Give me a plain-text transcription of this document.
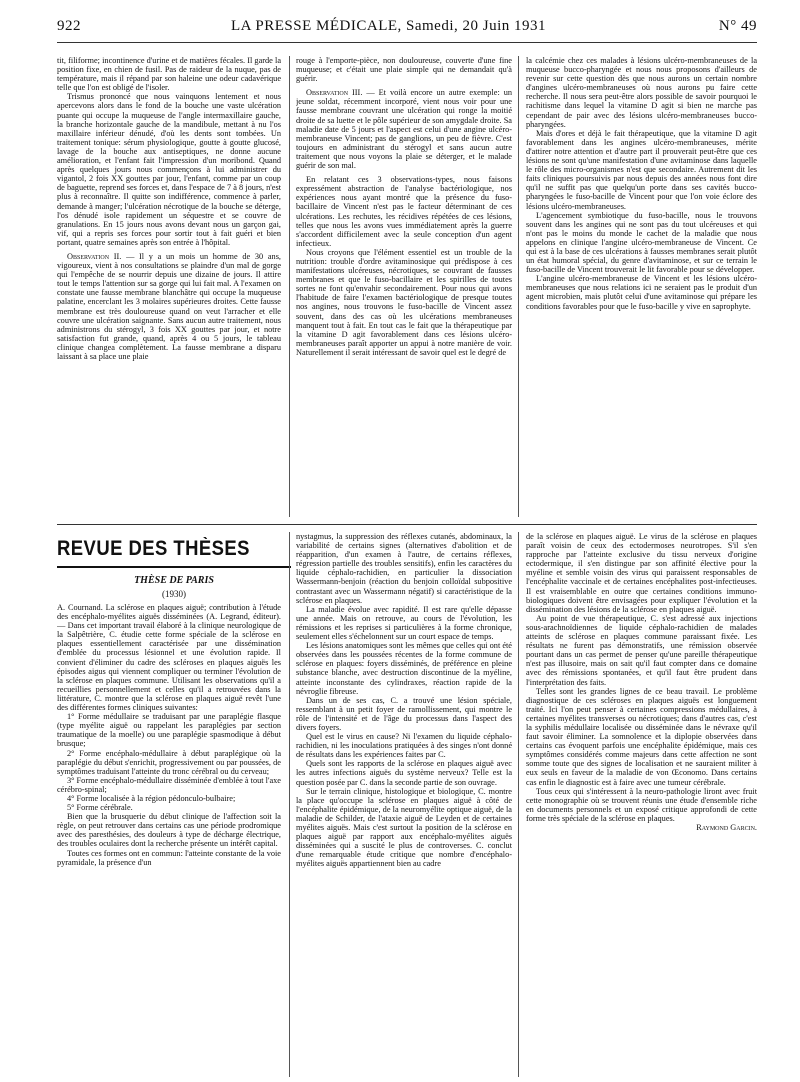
922	LA PRESSE MÉDICALE, Samedi, 20 Juin 1931	N° 49

tit, filiforme; incontinence d'urine et de matières fécales. Il garde la position fixe, en chien de fusil. Pas de raideur de la nuque, pas de température, mais il répand par son haleine une odeur cadavérique telle que l'on est obligé de l'isoler.

Trismus prononcé que nous vainquons lentement et nous apercevons alors dans le fond de la bouche une vaste ulcération puante qui occupe la muqueuse de l'angle intermaxillaire gauche, la branche horizontale gauche de la mandibule, mettant à nu l'os maxillaire inférieur dénudé, d'où les dents sont tombées. Un traitement tonique: sérum physiologique, goutte à goutte glucosé, lavage de la bouche aux antiseptiques, ne donne aucune amélioration, et l'enfant fait l'impression d'un moribond. Quand après quelques jours nous commençons à lui administrer du vigantol, 2 fois XX gouttes par jour, l'enfant, comme par un coup de baguette, reprend ses forces et, dans l'espace de 7 à 8 jours, n'est plus à reconnaître. Il quitte son indifférence, commence à parler, demande à manger; l'ulcération nécrotique de la bouche se déterge, l'os dénudé isole rapidement un séquestre et se couvre de granulations. En 15 jours nous avons devant nous un garçon gai, vif, qui a repris ses forces pour sortir tout à fait guéri et bien portant, quatre semaines après son entrée à l'hôpital.

Observation II. — Il y a un mois un homme de 30 ans, vigoureux, vient à nos consultations se plaindre d'un mal de gorge qui l'empêche de se nourrir depuis une dizaine de jours. Il attire tout le temps l'attention sur sa gorge qui lui fait mal. A l'examen on constate une fausse membrane blanchâtre qui occupe la muqueuse palatine, encerclant les 3 molaires supérieures droites. Cette fausse membrane est très douloureuse quand on veut l'arracher et elle couvre une ulcération saignante. Sans aucun autre traitement, nous administrons du stérogyl, 3 fois XX gouttes par jour, et notre satisfaction fut grande, quand, après 4 ou 5 jours, le tableau clinique changea complètement. La fausse membrane a disparu laissant à sa place une plaie

rouge à l'emporte-pièce, non douloureuse, couverte d'une fine muqueuse; et c'était une plaie simple qui ne demandait qu'à guérir.

Observation III. — Et voilà encore un autre exemple: un jeune soldat, récemment incorporé, vient nous voir pour une fausse membrane couvrant une ulcération qui ronge la moitié droite de sa luette et le pôle supérieur de son amygdale droite. Sa maladie date de 5 jours et l'aspect est celui d'une angine ulcéro-membraneuse Vincent; pas de ganglions, un peu de fièvre. C'est toujours en administrant du stérogyl et sans aucun autre traitement que nous voyons la plaie se déterger, et le malade guérir de son mal.

En relatant ces 3 observations-types, nous faisons expressément abstraction de l'analyse bactériologique, nos expériences nous ayant montré que la présence du fuso-bacillaire de Vincent n'est pas le facteur déterminant de ces ulcérations. Les rechutes, les récidives répétées de ces lésions, telles que nous les avons vues immédiatement après la guerre s'accordent difficilement avec la seule conception d'un agent infectieux.

Nous croyons que l'élément essentiel est un trouble de la nutrition: trouble d'ordre avitaminosique qui prédispose à ces manifestations ulcéreuses, nécrotiques, se couvrant de fausses membranes et que le fuso-bacillaire et les spirilles de toutes sortes ne font qu'envahir secondairement. Pour nous qui avons l'habitude de faire l'examen bactériologique de presque toutes nos angines, nous trouvons le fuso-bacille de Vincent assez souvent, dans des cas où les ulcérations membraneuses manquent tout à fait. En tout cas le fait que la thérapeutique par la vitamine D agit favorablement dans ces lésions ulcéro-membraneuses paraît apporter un appui à notre manière de voir. Naturellement il serait intéressant de savoir quel est le degré de

la calcémie chez ces malades à lésions ulcéro-membraneuses de la muqueuse bucco-pharyngée et nous nous proposons d'ailleurs de revenir sur cette question dès que nous aurons un certain nombre d'angines ulcéro-membraneuses où nous aurons pu faire cette recherche. Il nous sera peut-être alors possible de savoir pourquoi le rachitisme dans lequel la vitamine D agit si bien ne marche pas cependant de pair avec des lésions ulcéro-membraneuses bucco-pharyngées.

Mais d'ores et déjà le fait thérapeutique, que la vitamine D agit favorablement dans les angines ulcéro-membraneuses, mérite d'attirer notre attention et d'autre part il prouverait peut-être que ces lésions ne sont qu'une manifestation d'une avitaminose dans laquelle le rôle des micro-organismes n'est que secondaire. Autrement dit les faits cliniques poursuivis par nous depuis des années nous font dire qu'il ne suffit pas que quelqu'un porte dans ses cavités bucco-pharyngées le fuso-bacille de Vincent pour que l'on voie éclore des lésions ulcéro-membraneuses.

L'agencement symbiotique du fuso-bacille, nous le trouvons souvent dans les angines qui ne sont pas du tout ulcéreuses et qui n'ont pas le moins du monde le cachet de la maladie que nous appelons en clinique l'angine ulcéro-membraneuse de Vincent. Ce qui est à la base de ces ulcérations à fausses membranes serait plutôt un état humoral spécial, du genre d'avitaminose, et sur ce terrain le fuso-bacille de Vincent trouverait le lit favorable pour se développer.

L'angine ulcéro-membraneuse de Vincent et les lésions ulcéro-membraneuses que nous relations ici ne seraient pas le produit d'un agent microbien, mais plutôt celui d'une avitaminose qui prépare les conditions favorables pour que le fuso-bacille y vive en saprophyte.

REVUE DES THÈSES
THÈSE DE PARIS
(1930)

A. Cournand. La sclérose en plaques aiguë; contribution à l'étude des encéphalo-myélites aiguës disséminées (A. Legrand, éditeur). — Dans cet important travail élaboré à la clinique neurologique de la Salpêtrière, C. étudie cette forme spéciale de la sclérose en plaques essentiellement caractérisée par une dissémination d'emblée du processus lésionnel et une évolution rapide. Il convient d'éliminer du cadre des scléroses en plaques aiguës les épisodes aigus qui viennent compliquer ou terminer l'évolution de la sclérose en plaques commune. Utilisant les observations qu'il a recueillies personnellement et celles qu'il a retrouvées dans la littérature, C. montre que la sclérose en plaques aiguë revêt l'une des différentes formes cliniques suivantes:

1° Forme médullaire se traduisant par une paraplégie flasque (type myélite aiguë ou rappelant les paraplégies par section traumatique de la moelle) ou une paraplégie spasmodique à début brusque;

2° Forme encéphalo-médullaire à début paraplégique où la paraplégie du début s'enrichit, progressivement ou par poussées, de symptômes traduisant l'atteinte du tronc cérébral ou du cerveau;

3° Forme encéphalo-médullaire disséminée d'emblée à tout l'axe cérébro-spinal;

4° Forme localisée à la région pédonculo-bulbaire;

5° Forme cérébrale.

Bien que la brusquerie du début clinique de l'affection soit la règle, on peut retrouver dans certains cas une période prodromique avec des paresthésies, des douleurs à type de décharge électrique, des troubles oculaires dont la recherche présente un intérêt capital.

Toutes ces formes ont en commun: l'atteinte constante de la voie pyramidale, la présence d'un

nystagmus, la suppression des réflexes cutanés, abdominaux, la variabilité de certains signes (alternatives d'abolition et de réapparition, d'un examen à l'autre, de certains réflexes, régression partielle des troubles sensitifs), enfin les caractères du liquide céphalo-rachidien, en particulier la dissociation Wassermann-benjoin (réaction du benjoin colloïdal subpositive contrastant avec un Wassermann négatif) si caractéristique de la sclérose en plaques.

La maladie évolue avec rapidité. Il est rare qu'elle dépasse une année. Mais on retrouve, au cours de l'évolution, les rémissions et les reprises si particulières à la forme chronique, seulement elles s'échelonnent sur un court espace de temps.

Les lésions anatomiques sont les mêmes que celles qui ont été observées dans les poussées récentes de la forme commune de sclérose en plaques: foyers disséminés, de préférence en pleine substance blanche, avec destruction discontinue de la myéline, atteinte inconstante des cylindraxes, réaction rapide de la névroglie fibreuse.

Dans un de ses cas, C. a trouvé une lésion spéciale, ressemblant à un petit foyer de ramollissement, qui montre le rôle de l'intensité et de l'âge du processus dans l'aspect des divers foyers.

Quel est le virus en cause? Ni l'examen du liquide céphalo-rachidien, ni les inoculations pratiquées à des singes n'ont donné de résultats dans les expériences faites par C.

Quels sont les rapports de la sclérose en plaques aiguë avec les autres infections aiguës du système nerveux? Telle est la question posée par C. dans la seconde partie de son ouvrage.

Sur le terrain clinique, histologique et biologique, C. montre la place qu'occupe la sclérose en plaques aiguë à côté de l'encéphalite épidémique, de la neuromyélite optique aiguë, de la maladie de Schilder, de l'ataxie aiguë de Leyden et de certaines myélites aiguës. Mais c'est surtout la position de la sclérose en plaques aiguë par rapport aux encéphalo-myélites aiguës disséminées qui a suscité le plus de controverses. C. conclut d'une remarquable étude critique que nombre d'encéphalo-myélites aiguës appartiennent bien au cadre

de la sclérose en plaques aiguë. Le virus de la sclérose en plaques paraît voisin de ceux des ectodermoses neurotropes. S'il s'en rapproche par l'atteinte exclusive du tissu nerveux d'origine ectodermique, il s'en distingue par son affinité élective pour la myéline et semble voisin des virus qui paraissent responsables de l'encéphalite vaccinale et de certaines encéphalites post-infectieuses. Il est vraisemblable en outre que certaines conditions immuno-biologiques doivent être envisagées pour expliquer l'évolution et la dissémination des lésions de la sclérose en plaques aiguë.

Au point de vue thérapeutique, C. s'est adressé aux injections sous-arachnoïdiennes de liquide céphalo-rachidien de malades atteints de sclérose en plaques commune paraissant fixée. Les résultats ne furent pas démonstratifs, une rémission observée pourtant dans un cas permet de penser qu'une pareille thérapeutique n'est pas illusoire, mais on sait qu'il faut compter dans ce domaine avec des rémissions spontanées, et qu'il faut être prudent dans l'interprétation des faits.

Telles sont les grandes lignes de ce beau travail. Le problème diagnostique de ces scléroses en plaques aiguës est longuement traité. Ici l'on peut penser à certaines compressions médullaires, à certaines myélites transverses ou nécrotiques; dans d'autres cas, c'est la syphilis médullaire localisée ou disséminée dans le névraxe qu'il faut savoir éliminer. La somnolence et la diplopie observées dans certains cas évoquent parfois une encéphalite épidémique, mais ces symptômes considérés comme majeurs dans cette affection ne sont somme toute que des signes de localisation et ne sauraient militer à eux seuls en faveur de la maladie de von Œconomo. Dans certains cas enfin le diagnostic est à faire avec une tumeur cérébrale.

Tous ceux qui s'intéressent à la neuro-pathologie liront avec fruit cette monographie où se trouvent réunis une étude d'ensemble riche en documents personnels et un exposé critique approfondi de cette forme très spéciale de la sclérose en plaques.

Raymond Garcin.
